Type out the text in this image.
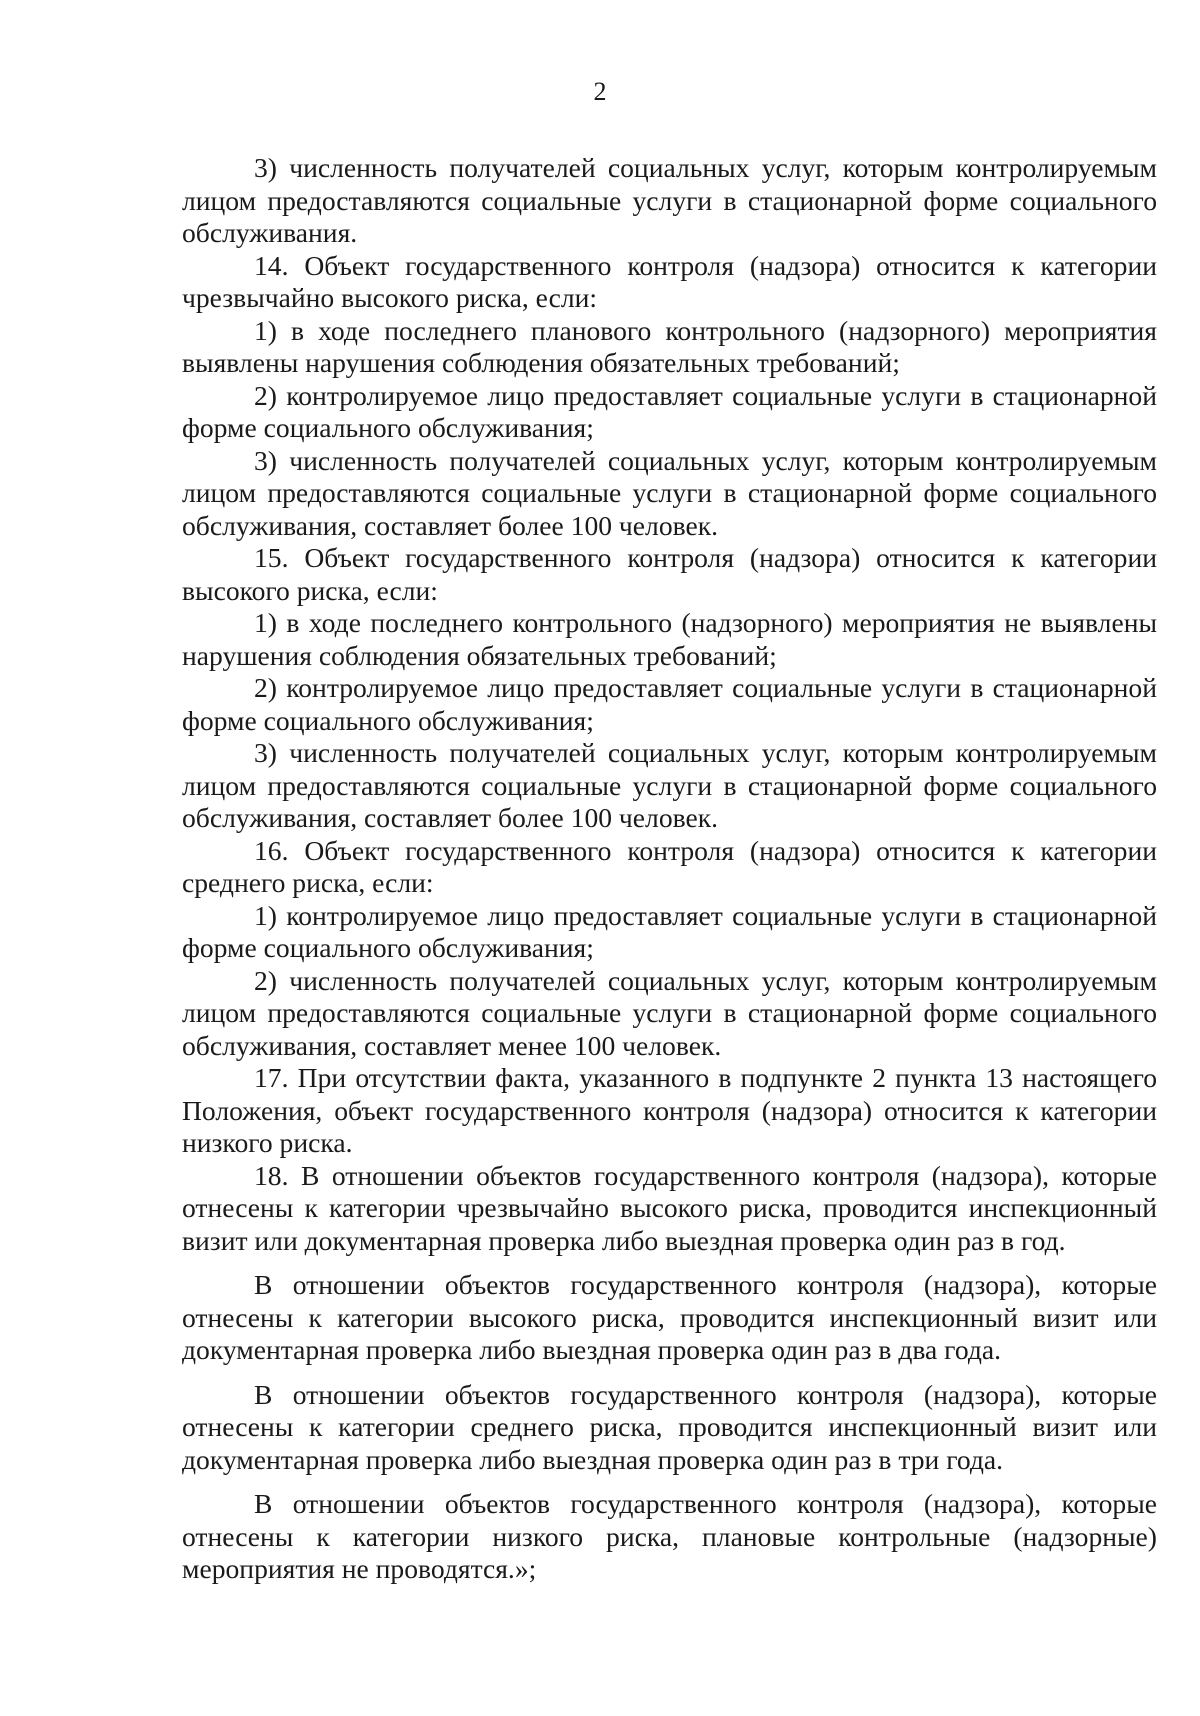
2

3) численность получателей социальных услуг, которым контролируемым лицом предоставляются социальные услуги в стационарной форме социального обслуживания.

14. Объект государственного контроля (надзора) относится к категории чрезвычайно высокого риска, если:

1) в ходе последнего планового контрольного (надзорного) мероприятия выявлены нарушения соблюдения обязательных требований;

2) контролируемое лицо предоставляет социальные услуги в стационарной форме социального обслуживания;

3) численность получателей социальных услуг, которым контролируемым лицом предоставляются социальные услуги в стационарной форме социального обслуживания, составляет более 100 человек.

15. Объект государственного контроля (надзора) относится к категории высокого риска, если:

1) в ходе последнего контрольного (надзорного) мероприятия не выявлены нарушения соблюдения обязательных требований;

2) контролируемое лицо предоставляет социальные услуги в стационарной форме социального обслуживания;

3) численность получателей социальных услуг, которым контролируемым лицом предоставляются социальные услуги в стационарной форме социального обслуживания, составляет более 100 человек.

16. Объект государственного контроля (надзора) относится к категории среднего риска, если:

1) контролируемое лицо предоставляет социальные услуги в стационарной форме социального обслуживания;

2) численность получателей социальных услуг, которым контролируемым лицом предоставляются социальные услуги в стационарной форме социального обслуживания, составляет менее 100 человек.

17. При отсутствии факта, указанного в подпункте 2 пункта 13 настоящего Положения, объект государственного контроля (надзора) относится к категории низкого риска.

18. В отношении объектов государственного контроля (надзора), которые отнесены к категории чрезвычайно высокого риска, проводится инспекционный визит или документарная проверка либо выездная проверка один раз в год.

В отношении объектов государственного контроля (надзора), которые отнесены к категории высокого риска, проводится инспекционный визит или документарная проверка либо выездная проверка один раз в два года.

В отношении объектов государственного контроля (надзора), которые отнесены к категории среднего риска, проводится инспекционный визит или документарная проверка либо выездная проверка один раз в три года.

В отношении объектов государственного контроля (надзора), которые отнесены к категории низкого риска, плановые контрольные (надзорные) мероприятия не проводятся.»;
